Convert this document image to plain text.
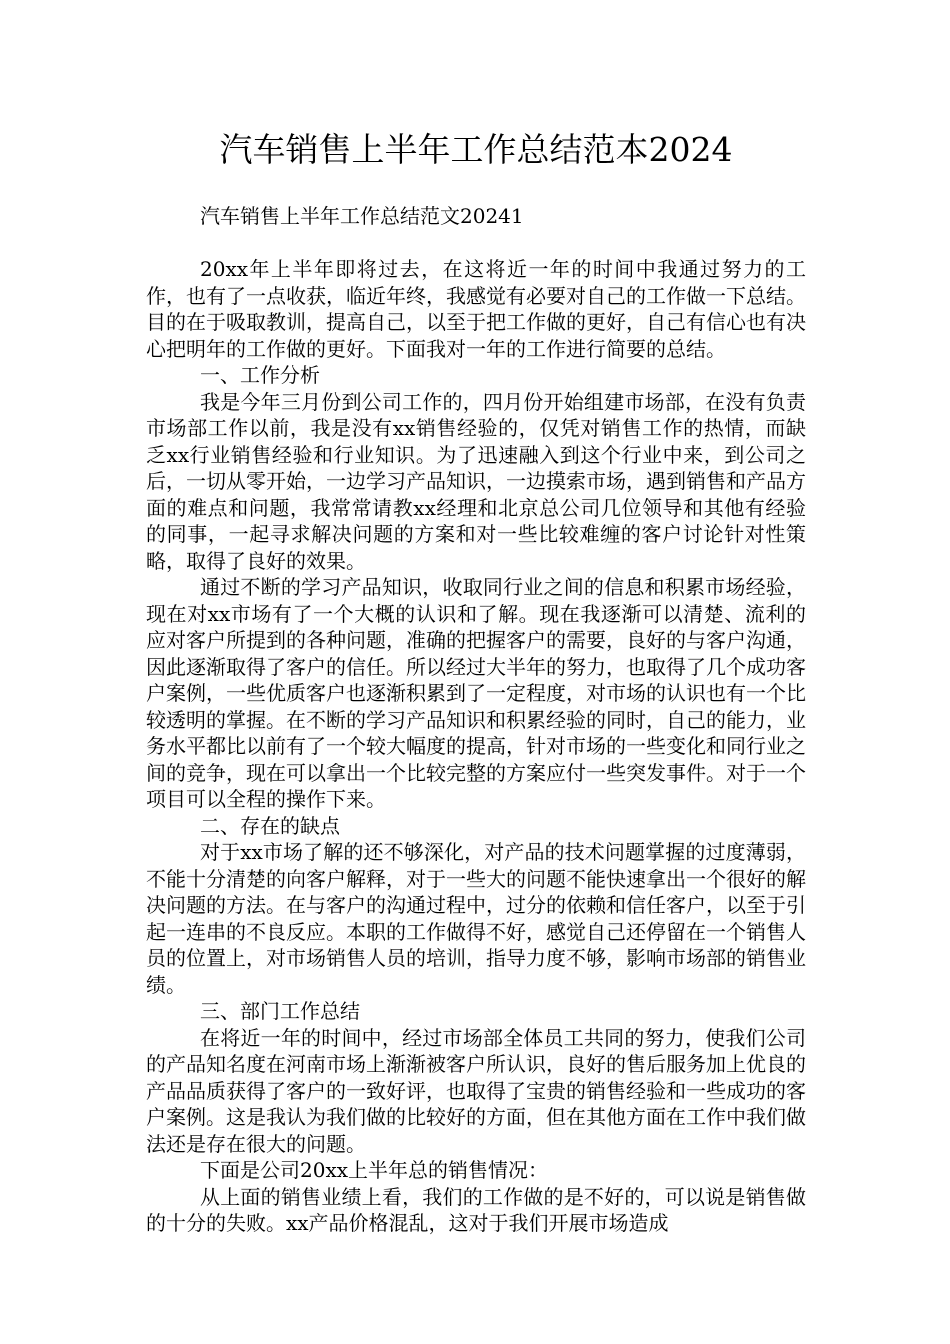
汽车销售上半年工作总结范本2024
汽车销售上半年工作总结范文20241

20xx年上半年即将过去，在这将近一年的时间中我通过努力的工作，也有了一点收获，临近年终，我感觉有必要对自己的工作做一下总结。目的在于吸取教训，提高自己，以至于把工作做的更好，自己有信心也有决心把明年的工作做的更好。下面我对一年的工作进行简要的总结。

一、工作分析

我是今年三月份到公司工作的，四月份开始组建市场部，在没有负责市场部工作以前，我是没有xx销售经验的，仅凭对销售工作的热情，而缺乏xx行业销售经验和行业知识。为了迅速融入到这个行业中来，到公司之后，一切从零开始，一边学习产品知识，一边摸索市场，遇到销售和产品方面的难点和问题，我常常请教xx经理和北京总公司几位领导和其他有经验的同事，一起寻求解决问题的方案和对一些比较难缠的客户讨论针对性策略，取得了良好的效果。

通过不断的学习产品知识，收取同行业之间的信息和积累市场经验，现在对xx市场有了一个大概的认识和了解。现在我逐渐可以清楚、流利的应对客户所提到的各种问题，准确的把握客户的需要，良好的与客户沟通，因此逐渐取得了客户的信任。所以经过大半年的努力，也取得了几个成功客户案例，一些优质客户也逐渐积累到了一定程度，对市场的认识也有一个比较透明的掌握。在不断的学习产品知识和积累经验的同时，自己的能力，业务水平都比以前有了一个较大幅度的提高，针对市场的一些变化和同行业之间的竞争，现在可以拿出一个比较完整的方案应付一些突发事件。对于一个项目可以全程的操作下来。

二、存在的缺点

对于xx市场了解的还不够深化，对产品的技术问题掌握的过度薄弱，不能十分清楚的向客户解释，对于一些大的问题不能快速拿出一个很好的解决问题的方法。在与客户的沟通过程中，过分的依赖和信任客户，以至于引起一连串的不良反应。本职的工作做得不好，感觉自己还停留在一个销售人员的位置上，对市场销售人员的培训，指导力度不够，影响市场部的销售业绩。

三、部门工作总结

在将近一年的时间中，经过市场部全体员工共同的努力，使我们公司的产品知名度在河南市场上渐渐被客户所认识，良好的售后服务加上优良的产品品质获得了客户的一致好评，也取得了宝贵的销售经验和一些成功的客户案例。这是我认为我们做的比较好的方面，但在其他方面在工作中我们做法还是存在很大的问题。

下面是公司20xx上半年总的销售情况：

从上面的销售业绩上看，我们的工作做的是不好的，可以说是销售做的十分的失败。xx产品价格混乱，这对于我们开展市场造成
